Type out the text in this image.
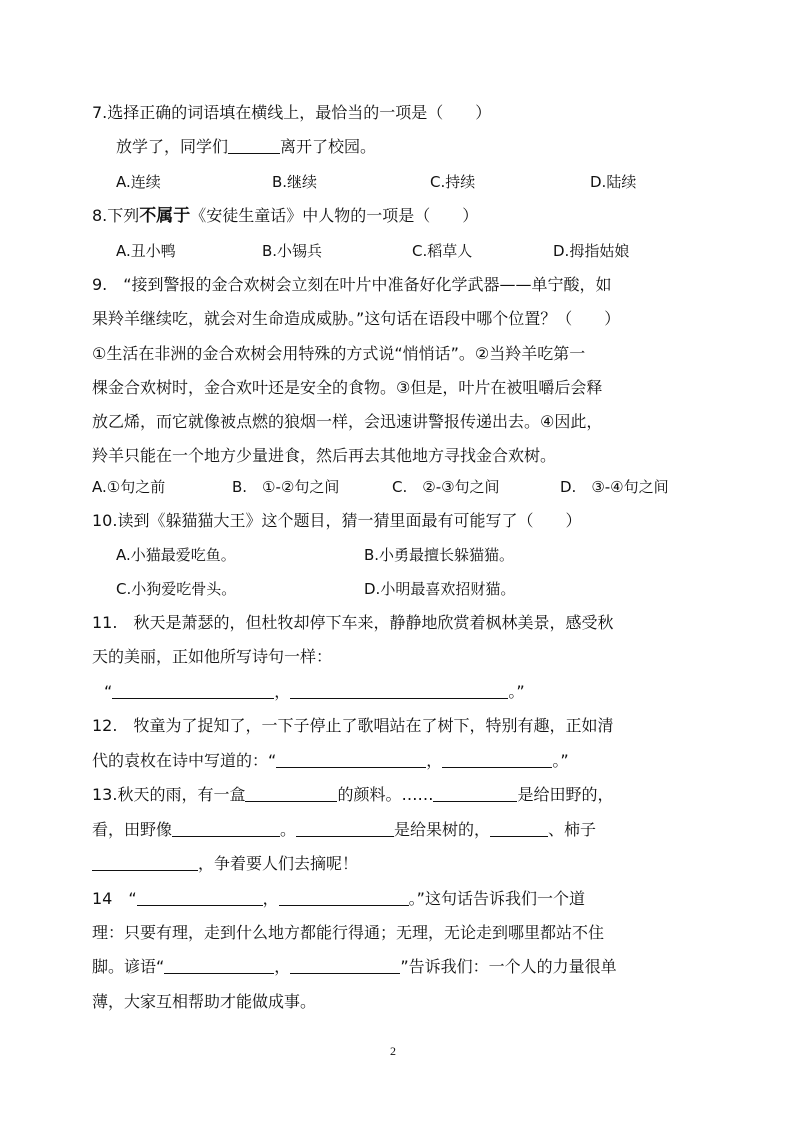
7.选择正确的词语填在横线上，最恰当的一项是（　　）
放学了，同学们	离开了校园。
A.连续	B.继续	C.持续	D.陆续
8.下列不属于《安徒生童话》中人物的一项是（　　）
A.丑小鸭	B.小锡兵	C.稻草人	D.拇指姑娘
9.　“接到警报的金合欢树会立刻在叶片中准备好化学武器——单宁酸，如
果羚羊继续吃，就会对生命造成威胁。”这句话在语段中哪个位置？（　　）
①生活在非洲的金合欢树会用特殊的方式说“悄悄话”。②当羚羊吃第一
棵金合欢树时，金合欢叶还是安全的食物。③但是，叶片在被咀嚼后会释
放乙烯，而它就像被点燃的狼烟一样，会迅速讲警报传递出去。④因此，
羚羊只能在一个地方少量进食，然后再去其他地方寻找金合欢树。
A.①句之前	B.　①-②句之间	C.　②-③句之间	D.　③-④句之间
10.读到《躲猫猫大王》这个题目，猜一猜里面最有可能写了（　　）
A.小猫最爱吃鱼。	B.小勇最擅长躲猫猫。
C.小狗爱吃骨头。	D.小明最喜欢招财猫。
11.　秋天是萧瑟的，但杜牧却停下车来，静静地欣赏着枫林美景，感受秋
天的美丽，正如他所写诗句一样：
“	，	。”
12.　牧童为了捉知了，一下子停止了歌唱站在了树下，特别有趣，正如清
代的袁枚在诗中写道的：“	，	。”
13.秋天的雨，有一盒	的颜料。……	是给田野的，
看，田野像	。	是给果树的，	、柿子
，争着要人们去摘呢！
14　“	，	。”这句话告诉我们一个道
理：只要有理，走到什么地方都能行得通；无理，无论走到哪里都站不住
脚。谚语“	，	”告诉我们：一个人的力量很单
薄，大家互相帮助才能做成事。
2
